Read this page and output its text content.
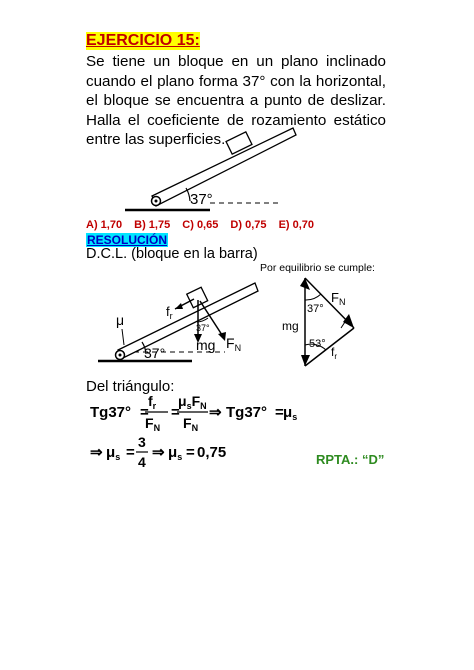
EJERCICIO 15:
Se tiene un bloque en un plano inclinado cuando el plano forma 37° con la horizontal, el bloque se encuentra a punto de deslizar. Halla el coeficiente de rozamiento estático entre las superficies.
37°
37°
μ
$f_r$
mg $F_N$
37°
$F_N$
37°
mg
53°
$f_r$
Tg37° =
$f_r$
$F_N$
=
$\mu_sF_N$
$F_N$
⇒ $Tg37^\circ = \mu_s$
⇒ $\mu_s$ =
3
4
⇒ $\mu_s = 0,75$
A) 1,70 B) 1,75 C) 0,65 D) 0,75 E) 0,70
RESOLUCIÓN
D.C.L. (bloque en la barra)
Por equilibrio se cumple:
Del triángulo:
RPTA.: “D”
